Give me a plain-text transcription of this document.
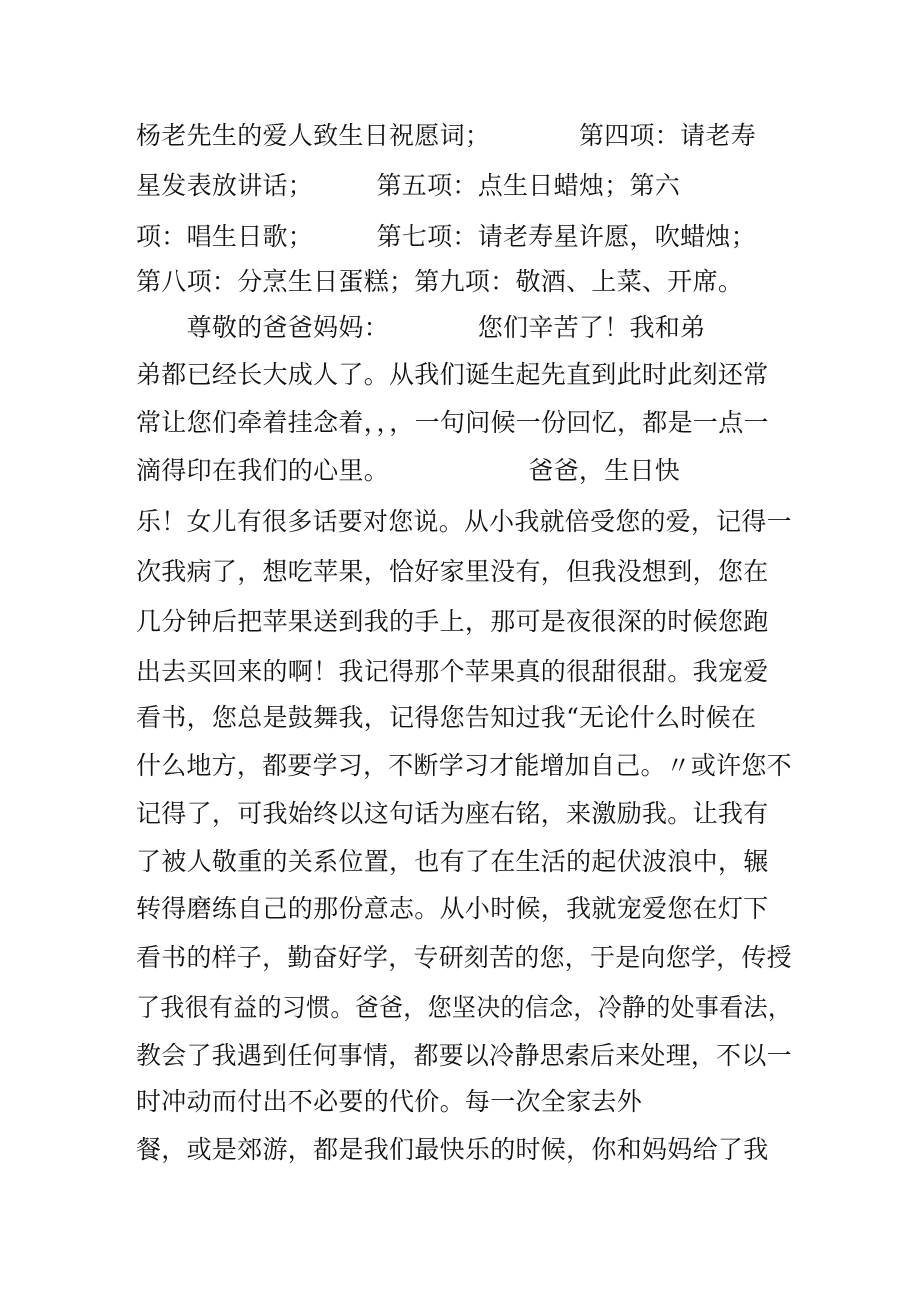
杨老先生的爱人致生日祝愿词；　　　　第四项：请老寿
星发表放讲话；　　　第五项：点生日蜡烛；第六
项：唱生日歌；　　　第七项：请老寿星许愿，吹蜡烛；
第八项：分烹生日蛋糕；第九项：敬酒、上菜、开席。
　　尊敬的爸爸妈妈：　　　　您们辛苦了！我和弟
弟都已经长大成人了。从我们诞生起先直到此时此刻还常
常让您们牵着挂念着，，，一句问候一份回忆，都是一点一
滴得印在我们的心里。　　　　　　爸爸，生日快
乐！女儿有很多话要对您说。从小我就倍受您的爱，记得一
次我病了，想吃苹果，恰好家里没有，但我没想到，您在
几分钟后把苹果送到我的手上，那可是夜很深的时候您跑
出去买回来的啊！我记得那个苹果真的很甜很甜。我宠爱
看书，您总是鼓舞我，记得您告知过我“无论什么时候在
什么地方，都要学习，不断学习才能增加自己。〃或许您不
记得了，可我始终以这句话为座右铭，来激励我。让我有
了被人敬重的关系位置，也有了在生活的起伏波浪中，辗
转得磨练自己的那份意志。从小时候，我就宠爱您在灯下
看书的样子，勤奋好学，专研刻苦的您，于是向您学，传授
了我很有益的习惯。爸爸，您坚决的信念，冷静的处事看法，
教会了我遇到任何事情，都要以冷静思索后来处理，不以一
时冲动而付出不必要的代价。每一次全家去外
餐，或是郊游，都是我们最快乐的时候，你和妈妈给了我
